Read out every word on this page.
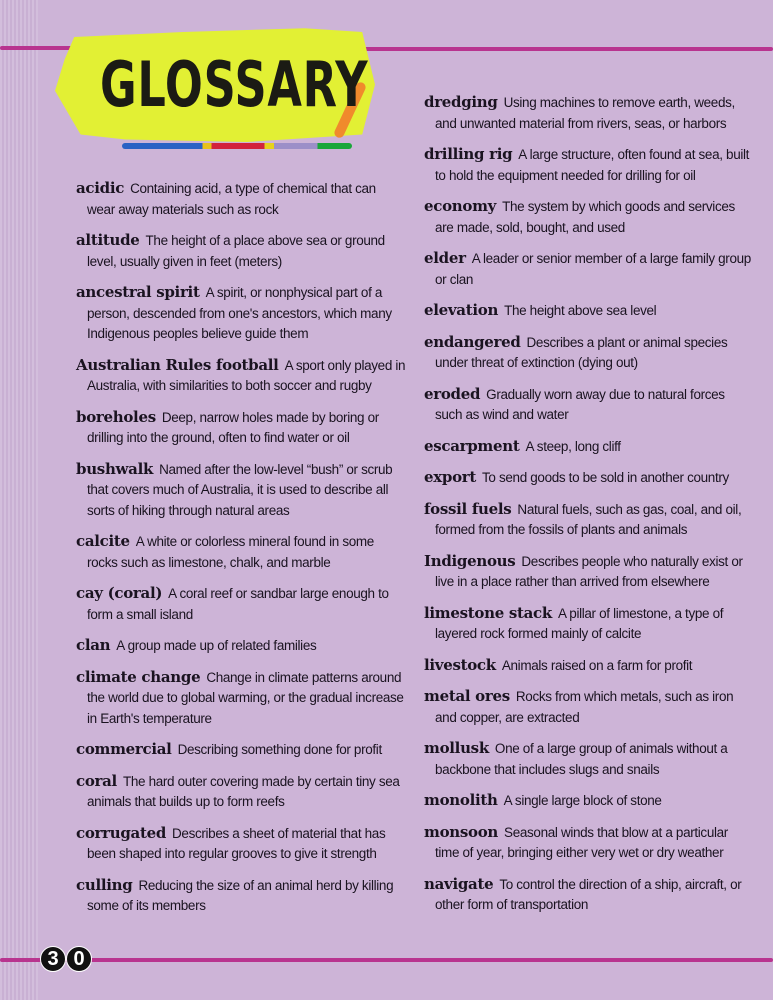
GLOSSARY
acidic Containing acid, a type of chemical that can wear away materials such as rock
altitude The height of a place above sea or ground level, usually given in feet (meters)
ancestral spirit A spirit, or nonphysical part of a person, descended from one's ancestors, which many Indigenous peoples believe guide them
Australian Rules football A sport only played in Australia, with similarities to both soccer and rugby
boreholes Deep, narrow holes made by boring or drilling into the ground, often to find water or oil
bushwalk Named after the low-level “bush” or scrub that covers much of Australia, it is used to describe all sorts of hiking through natural areas
calcite A white or colorless mineral found in some rocks such as limestone, chalk, and marble
cay (coral) A coral reef or sandbar large enough to form a small island
clan A group made up of related families
climate change Change in climate patterns around the world due to global warming, or the gradual increase in Earth's temperature
commercial Describing something done for profit
coral The hard outer covering made by certain tiny sea animals that builds up to form reefs
corrugated Describes a sheet of material that has been shaped into regular grooves to give it strength
culling Reducing the size of an animal herd by killing some of its members
dredging Using machines to remove earth, weeds, and unwanted material from rivers, seas, or harbors
drilling rig A large structure, often found at sea, built to hold the equipment needed for drilling for oil
economy The system by which goods and services are made, sold, bought, and used
elder A leader or senior member of a large family group or clan
elevation The height above sea level
endangered Describes a plant or animal species under threat of extinction (dying out)
eroded Gradually worn away due to natural forces such as wind and water
escarpment A steep, long cliff
export To send goods to be sold in another country
fossil fuels Natural fuels, such as gas, coal, and oil, formed from the fossils of plants and animals
Indigenous Describes people who naturally exist or live in a place rather than arrived from elsewhere
limestone stack A pillar of limestone, a type of layered rock formed mainly of calcite
livestock Animals raised on a farm for profit
metal ores Rocks from which metals, such as iron and copper, are extracted
mollusk One of a large group of animals without a backbone that includes slugs and snails
monolith A single large block of stone
monsoon Seasonal winds that blow at a particular time of year, bringing either very wet or dry weather
navigate To control the direction of a ship, aircraft, or other form of transportation
3 0
